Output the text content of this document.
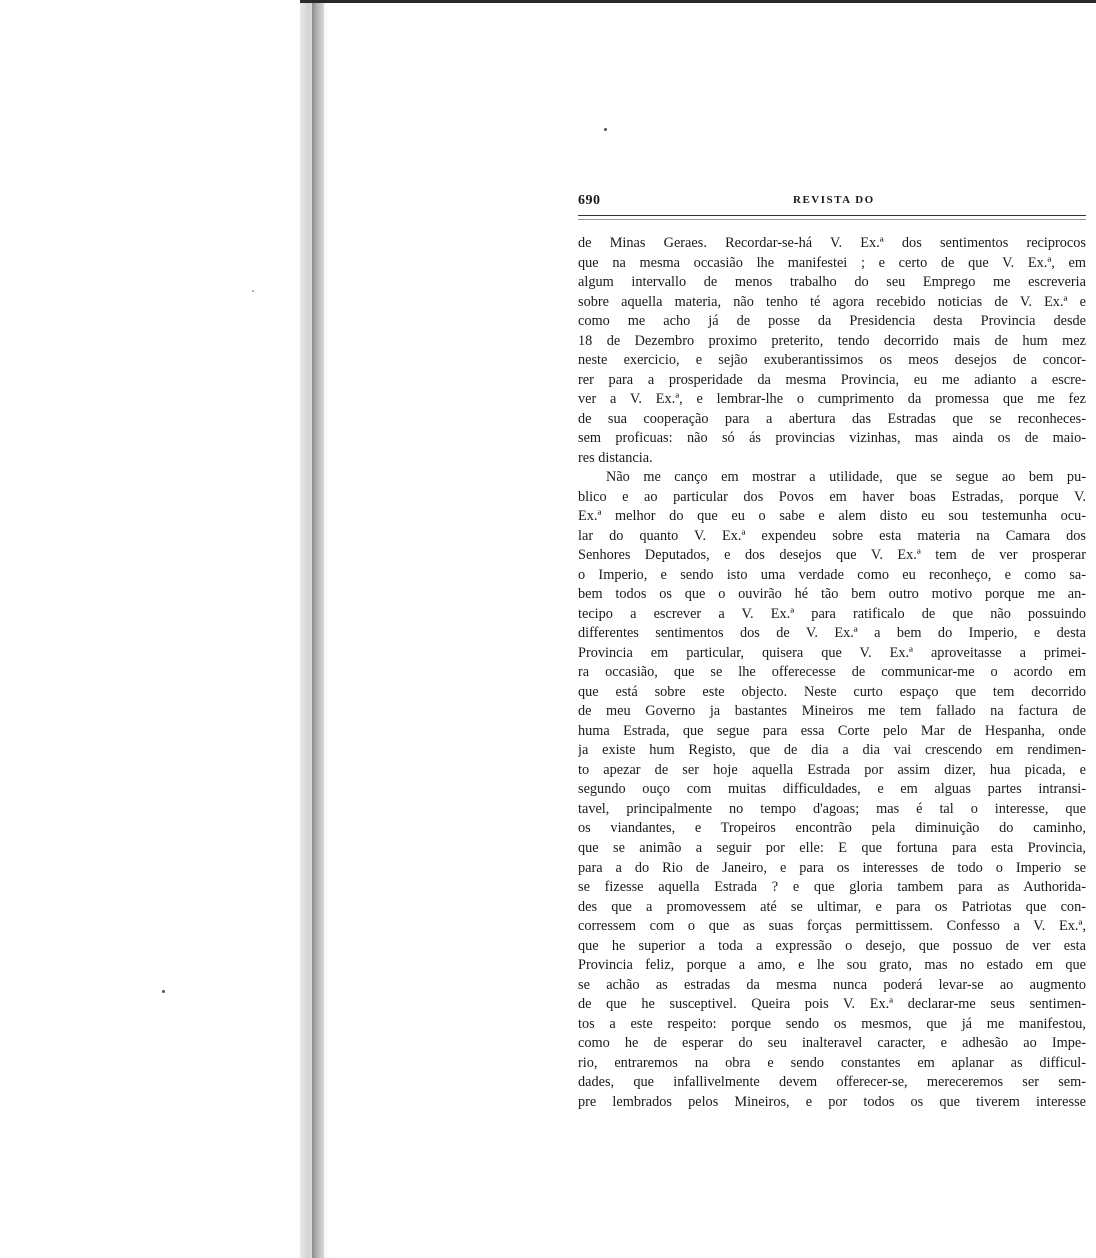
690	REVISTA DO
de Minas Geraes. Recordar-se-há V. Ex.ª dos sentimentos reciprocos
que na mesma occasião lhe manifestei ; e certo de que V. Ex.ª, em
algum intervallo de menos trabalho do seu Emprego me escreveria
sobre aquella materia, não tenho té agora recebido noticias de V. Ex.ª e
como me acho já de posse da Presidencia desta Provincia desde
18 de Dezembro proximo preterito, tendo decorrido mais de hum mez
neste exercicio, e sejão exuberantissimos os meos desejos de concor-
rer para a prosperidade da mesma Provincia, eu me adianto a escre-
ver a V. Ex.ª, e lembrar-lhe o cumprimento da promessa que me fez
de sua cooperação para a abertura das Estradas que se reconheces-
sem proficuas: não só ás provincias vizinhas, mas ainda os de maio-
res distancia.
Não me canço em mostrar a utilidade, que se segue ao bem pu-
blico e ao particular dos Povos em haver boas Estradas, porque V.
Ex.ª melhor do que eu o sabe e alem disto eu sou testemunha ocu-
lar do quanto V. Ex.ª expendeu sobre esta materia na Camara dos
Senhores Deputados, e dos desejos que V. Ex.ª tem de ver prosperar
o Imperio, e sendo isto uma verdade como eu reconheço, e como sa-
bem todos os que o ouvirão hé tão bem outro motivo porque me an-
tecipo a escrever a V. Ex.ª para ratificalo de que não possuindo
differentes sentimentos dos de V. Ex.ª a bem do Imperio, e desta
Provincia em particular, quisera que V. Ex.ª aproveitasse a primei-
ra occasião, que se lhe offerecesse de communicar-me o acordo em
que está sobre este objecto. Neste curto espaço que tem decorrido
de meu Governo ja bastantes Mineiros me tem fallado na factura de
huma Estrada, que segue para essa Corte pelo Mar de Hespanha, onde
ja existe hum Registo, que de dia a dia vai crescendo em rendimen-
to apezar de ser hoje aquella Estrada por assim dizer, hua picada, e
segundo ouço com muitas difficuldades, e em alguas partes intransi-
tavel, principalmente no tempo d'agoas; mas é tal o interesse, que
os viandantes, e Tropeiros encontrão pela diminuição do caminho,
que se animão a seguir por elle: E que fortuna para esta Provincia,
para a do Rio de Janeiro, e para os interesses de todo o Imperio se
se fizesse aquella Estrada ? e que gloria tambem para as Authorida-
des que a promovessem até se ultimar, e para os Patriotas que con-
corressem com o que as suas forças permittissem. Confesso a V. Ex.ª,
que he superior a toda a expressão o desejo, que possuo de ver esta
Provincia feliz, porque a amo, e lhe sou grato, mas no estado em que
se achão as estradas da mesma nunca poderá levar-se ao augmento
de que he susceptivel. Queira pois V. Ex.ª declarar-me seus sentimen-
tos a este respeito: porque sendo os mesmos, que já me manifestou,
como he de esperar do seu inalteravel caracter, e adhesão ao Impe-
rio, entraremos na obra e sendo constantes em aplanar as difficul-
dades, que infallivelmente devem offerecer-se, mereceremos ser sem-
pre lembrados pelos Mineiros, e por todos os que tiverem interesse
